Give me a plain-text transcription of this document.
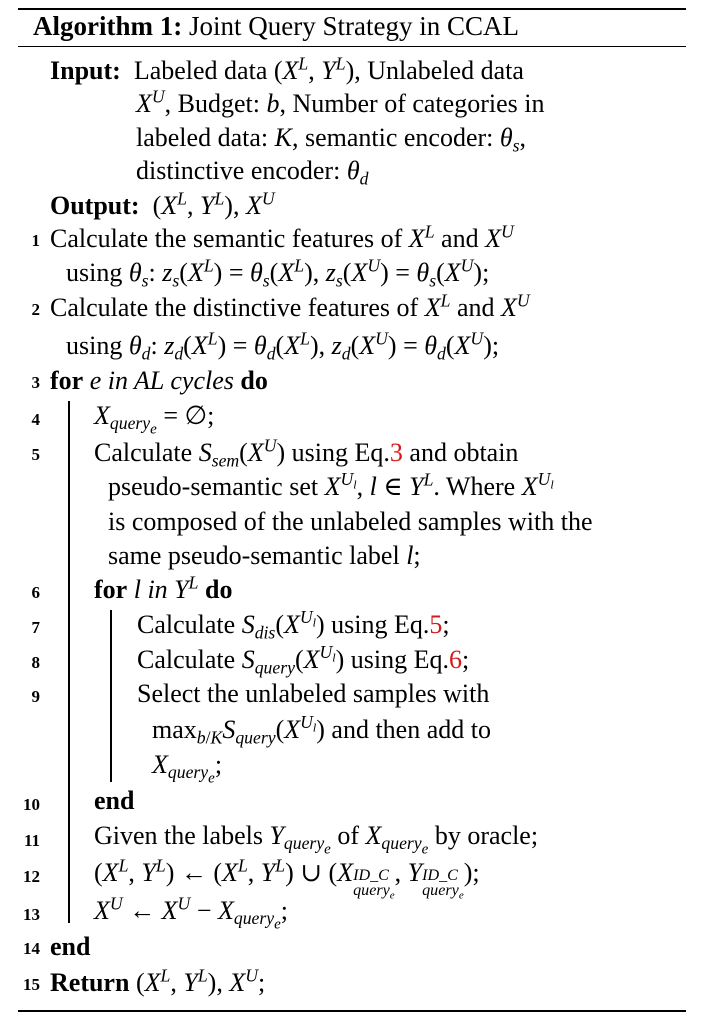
Algorithm 1: Joint Query Strategy in CCAL
Input:  Labeled data ($X^L$, $Y^L$), Unlabeled data
$X^U$, Budget: b, Number of categories in
labeled data: K, semantic encoder: $\theta_s$,
distinctive encoder: $\theta_d$
Output:  ($X^L$, $Y^L$), $X^U$
1 Calculate the semantic features of $X^L$ and $X^U$
using $\theta_s$: $z_s(X^L) = \theta_s(X^L)$, $z_s(X^U) = \theta_s(X^U)$;
2 Calculate the distinctive features of $X^L$ and $X^U$
using $\theta_d$: $z_d(X^L) = \theta_d(X^L)$, $z_d(X^U) = \theta_d(X^U)$;
3 for e in AL cycles do
4 $X_{query_e}$ = ∅;
5 Calculate $S_{sem}(X^U)$ using Eq.3 and obtain
pseudo-semantic set $X^{U_l}$, l ∈ $Y^L$. Where $X^{U_l}$
is composed of the unlabeled samples with the
same pseudo-semantic label l;
6 for l in $Y^L$ do
7	Calculate $S_{dis}(X^{U_l})$ using Eq.5;
8	Calculate $S_{query}(X^{U_l})$ using Eq.6;
9	Select the unlabeled samples with
$\max_{b/K}S_{query}(X^{U_l})$ and then add to
$X_{query_e}$;
10 end
11 Given the labels $Y_{query_e}$ of $X_{query_e}$ by oracle;
12 ($X^L$, $Y^L$) ← ($X^L$, $Y^L$) ∪ (X ID_C
query$_e$
, Y ID_C
query$_e$
);
13 $X^U$ ← $X^U - X_{query_e}$;
14 end
15 Return ($X^L$, $Y^L$), $X^U$;
